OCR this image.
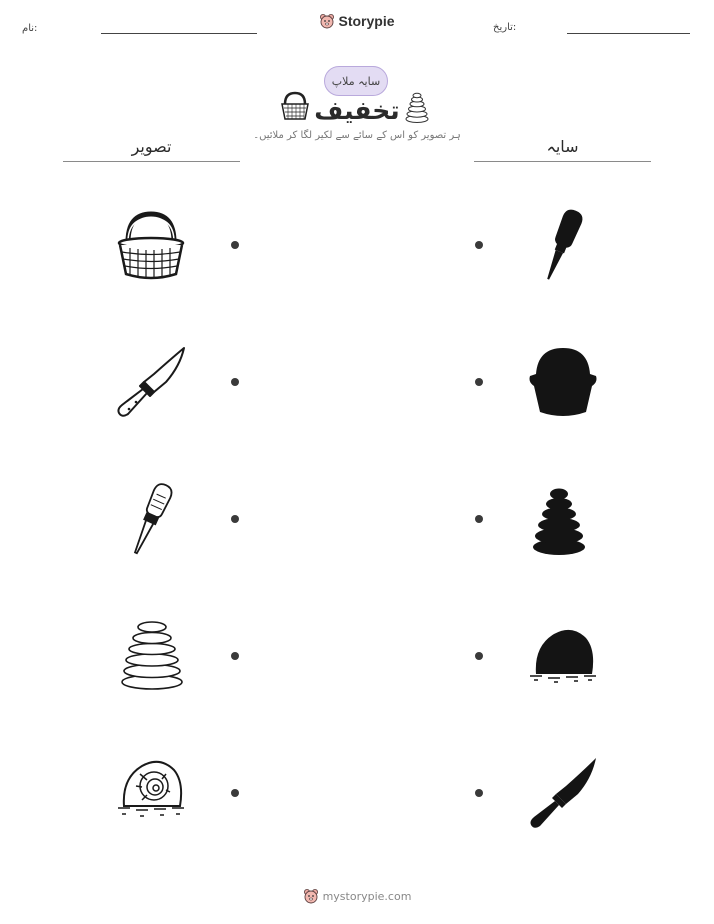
تاریخ:
نام:	Storypie
سایہ ملاپ
تخفیف
ہر تصویر کو اس کے سائے سے لکیر لگا کر ملائیں۔
تصویر	سایہ
mystorypie.com
